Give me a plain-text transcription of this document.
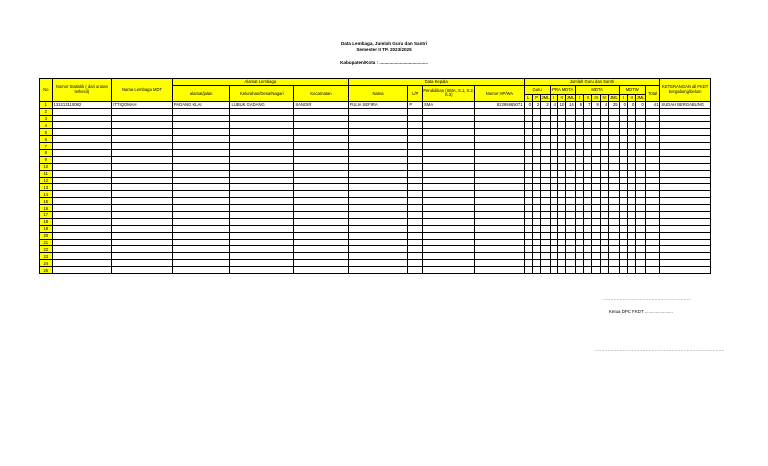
Data Lembaga, Jumlah Guru dan Santri
Semester II TP. 2023/2025
Kabupaten/Kota : ......................................
No	Nomor Statistik ( dari urutan terkecil)	Nama Lembaga MDT	Alamat Lembaga			Data Kepala				Jumlah Guru dan Santri															KETERANGAN all FKDT bergabung/belum
			alamat/jalan	Kelurahan/Desa/Nagari	Kecamatan	Nama	L/P	Pendidikan (SMA, S.1, S.2, S.3)	Nomor HP/WA	Guru			PRA MDTA			MDTA					MDTW			Total	
										L	P	JML	I	II	JML	I	II	III	IV	JML	I	II	JML		
1	131213110082	ITTIQOMAH	PADANG KLAI	LUBUK GADANG	SANGIR	FULIA SEFIRA	P	SMA	82295665071	0	2	2	4	10	14	6	7	8	4	25	0	0	0	41	SUDAH BERGABUNG
2																									
3																									
4																									
5																									
6																									
7																									
8																									
9																									
10																									
11																									
12																									
13																									
14																									
15																									
16																									
17																									
18																									
19																									
20																									
21																									
22																									
23																									
24																									
25																									
..........................................................
Ketua DPC FKDT .......................
......................................................................................
